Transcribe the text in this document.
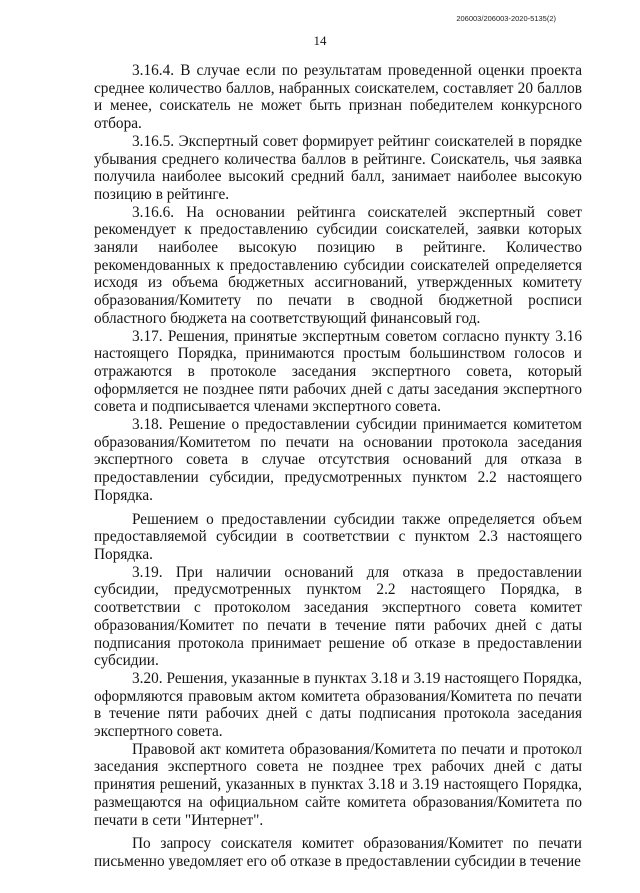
206003/206003-2020-5135(2)
14

3.16.4. В случае если по результатам проведенной оценки проекта среднее количество баллов, набранных соискателем, составляет 20 баллов и менее, соискатель не может быть признан победителем конкурсного отбора.

3.16.5. Экспертный совет формирует рейтинг соискателей в порядке убывания среднего количества баллов в рейтинге. Соискатель, чья заявка получила наиболее высокий средний балл, занимает наиболее высокую позицию в рейтинге.

3.16.6. На основании рейтинга соискателей экспертный совет рекомендует к предоставлению субсидии соискателей, заявки которых заняли наиболее высокую позицию в рейтинге. Количество рекомендованных к предоставлению субсидии соискателей определяется исходя из объема бюджетных ассигнований, утвержденных комитету образования/Комитету по печати в сводной бюджетной росписи областного бюджета на соответствующий финансовый год.

3.17. Решения, принятые экспертным советом согласно пункту 3.16 настоящего Порядка, принимаются простым большинством голосов и отражаются в протоколе заседания экспертного совета, который оформляется не позднее пяти рабочих дней с даты заседания экспертного совета и подписывается членами экспертного совета.

3.18. Решение о предоставлении субсидии принимается комитетом образования/Комитетом по печати на основании протокола заседания экспертного совета в случае отсутствия оснований для отказа в предоставлении субсидии, предусмотренных пунктом 2.2 настоящего Порядка.

Решением о предоставлении субсидии также определяется объем предоставляемой субсидии в соответствии с пунктом 2.3 настоящего Порядка.

3.19. При наличии оснований для отказа в предоставлении субсидии, предусмотренных пунктом 2.2 настоящего Порядка, в соответствии с протоколом заседания экспертного совета комитет образования/Комитет по печати в течение пяти рабочих дней с даты подписания протокола принимает решение об отказе в предоставлении субсидии.

3.20. Решения, указанные в пунктах 3.18 и 3.19 настоящего Порядка, оформляются правовым актом комитета образования/Комитета по печати в течение пяти рабочих дней с даты подписания протокола заседания экспертного совета.

Правовой акт комитета образования/Комитета по печати и протокол заседания экспертного совета не позднее трех рабочих дней с даты принятия решений, указанных в пунктах 3.18 и 3.19 настоящего Порядка, размещаются на официальном сайте комитета образования/Комитета по печати в сети "Интернет".

По запросу соискателя комитет образования/Комитет по печати письменно уведомляет его об отказе в предоставлении субсидии в течение
